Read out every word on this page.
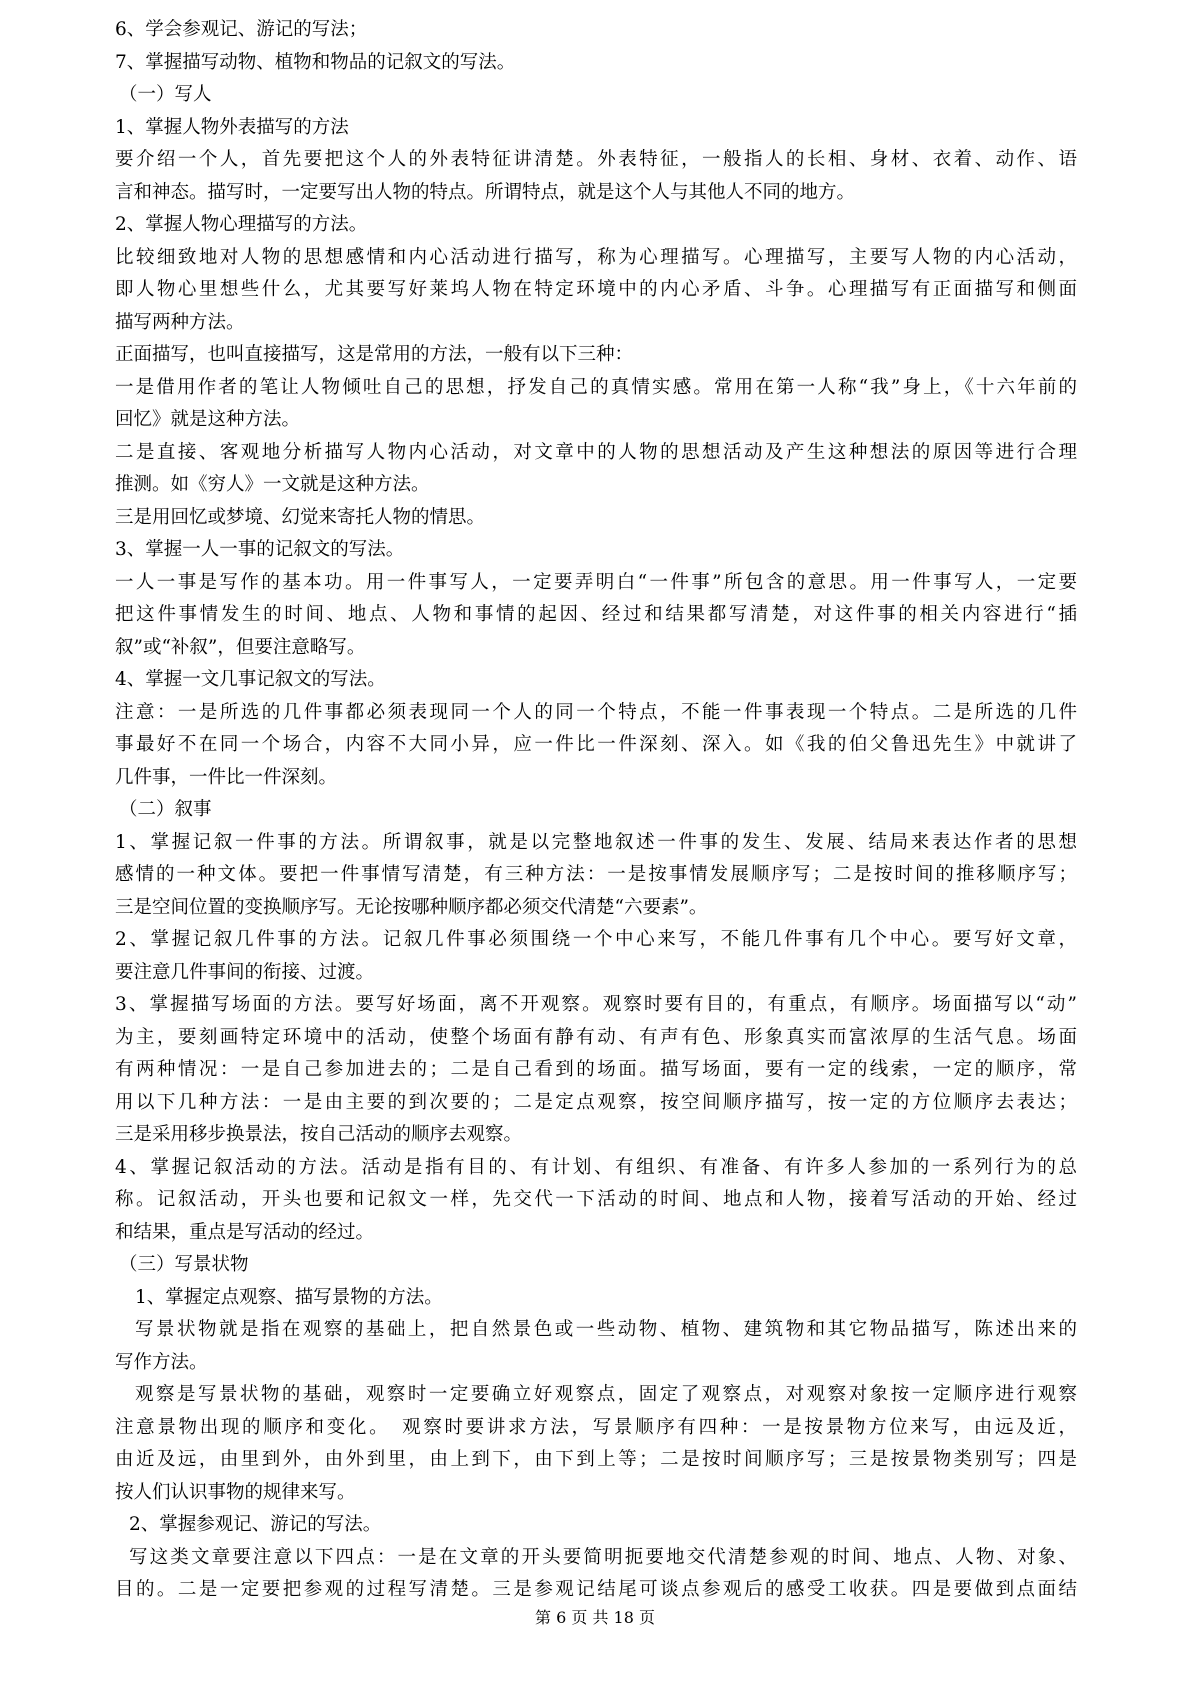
6、学会参观记、游记的写法；
7、掌握描写动物、植物和物品的记叙文的写法。
（一）写人
1、掌握人物外表描写的方法
要介绍一个人，首先要把这个人的外表特征讲清楚。外表特征，一般指人的长相、身材、衣着、动作、语
言和神态。描写时，一定要写出人物的特点。所谓特点，就是这个人与其他人不同的地方。
2、掌握人物心理描写的方法。
比较细致地对人物的思想感情和内心活动进行描写，称为心理描写。心理描写，主要写人物的内心活动，
即人物心里想些什么，尤其要写好莱坞人物在特定环境中的内心矛盾、斗争。心理描写有正面描写和侧面
描写两种方法。
正面描写，也叫直接描写，这是常用的方法，一般有以下三种：
一是借用作者的笔让人物倾吐自己的思想，抒发自己的真情实感。常用在第一人称“我”身上，《十六年前的
回忆》就是这种方法。
二是直接、客观地分析描写人物内心活动，对文章中的人物的思想活动及产生这种想法的原因等进行合理
推测。如《穷人》一文就是这种方法。
三是用回忆或梦境、幻觉来寄托人物的情思。
3、掌握一人一事的记叙文的写法。
一人一事是写作的基本功。用一件事写人，一定要弄明白“一件事”所包含的意思。用一件事写人，一定要
把这件事情发生的时间、地点、人物和事情的起因、经过和结果都写清楚，对这件事的相关内容进行“插
叙”或“补叙”，但要注意略写。
4、掌握一文几事记叙文的写法。
注意：一是所选的几件事都必须表现同一个人的同一个特点，不能一件事表现一个特点。二是所选的几件
事最好不在同一个场合，内容不大同小异，应一件比一件深刻、深入。如《我的伯父鲁迅先生》中就讲了
几件事，一件比一件深刻。
（二）叙事
1、掌握记叙一件事的方法。所谓叙事，就是以完整地叙述一件事的发生、发展、结局来表达作者的思想
感情的一种文体。要把一件事情写清楚，有三种方法：一是按事情发展顺序写；二是按时间的推移顺序写；
三是空间位置的变换顺序写。无论按哪种顺序都必须交代清楚“六要素”。
2、掌握记叙几件事的方法。记叙几件事必须围绕一个中心来写，不能几件事有几个中心。要写好文章，
要注意几件事间的衔接、过渡。
3、掌握描写场面的方法。要写好场面，离不开观察。观察时要有目的，有重点，有顺序。场面描写以“动”
为主，要刻画特定环境中的活动，使整个场面有静有动、有声有色、形象真实而富浓厚的生活气息。场面
有两种情况：一是自己参加进去的；二是自己看到的场面。描写场面，要有一定的线索，一定的顺序，常
用以下几种方法：一是由主要的到次要的；二是定点观察，按空间顺序描写，按一定的方位顺序去表达；
三是采用移步换景法，按自己活动的顺序去观察。
4、掌握记叙活动的方法。活动是指有目的、有计划、有组织、有准备、有许多人参加的一系列行为的总
称。记叙活动，开头也要和记叙文一样，先交代一下活动的时间、地点和人物，接着写活动的开始、经过
和结果，重点是写活动的经过。
（三）写景状物
1、掌握定点观察、描写景物的方法。
写景状物就是指在观察的基础上，把自然景色或一些动物、植物、建筑物和其它物品描写，陈述出来的
写作方法。
观察是写景状物的基础，观察时一定要确立好观察点，固定了观察点，对观察对象按一定顺序进行观察
注意景物出现的顺序和变化。　观察时要讲求方法，写景顺序有四种：一是按景物方位来写，由远及近，
由近及远，由里到外，由外到里，由上到下，由下到上等；二是按时间顺序写；三是按景物类别写；四是
按人们认识事物的规律来写。
2、掌握参观记、游记的写法。
写这类文章要注意以下四点：一是在文章的开头要简明扼要地交代清楚参观的时间、地点、人物、对象、
目的。二是一定要把参观的过程写清楚。三是参观记结尾可谈点参观后的感受工收获。四是要做到点面结
第 6 页 共 18 页
